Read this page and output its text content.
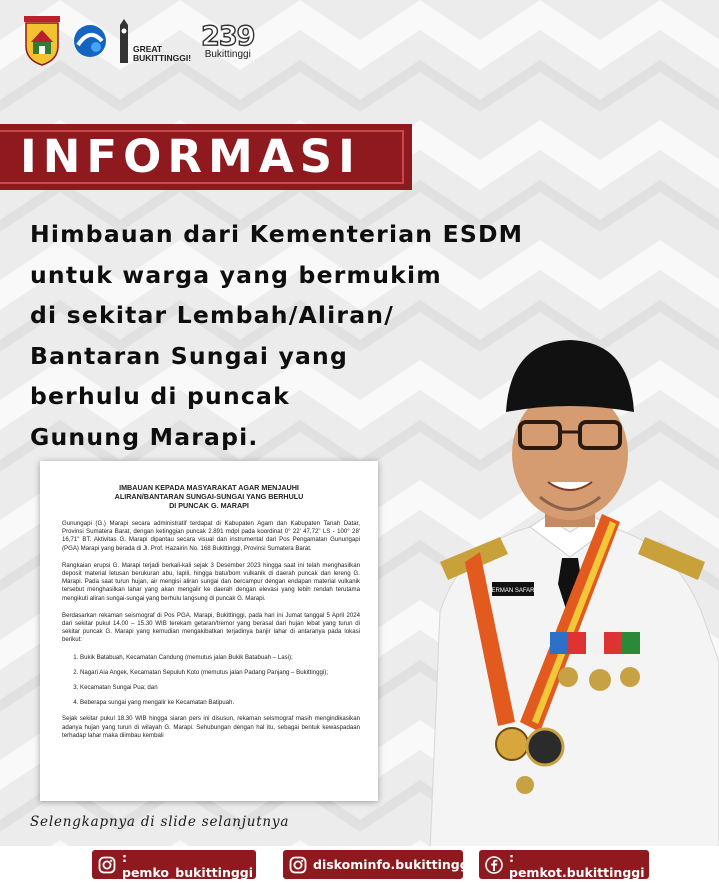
GREAT
BUKITTINGGI!
239
Bukittinggi
INFORMASI
Himbauan dari Kementerian ESDM
untuk warga yang bermukim
di sekitar Lembah/Aliran/
Bantaran Sungai yang
berhulu di puncak
Gunung Marapi.
IMBAUAN KEPADA MASYARAKAT AGAR MENJAUHI
ALIRAN/BANTARAN SUNGAI-SUNGAI YANG BERHULU
DI PUNCAK G. MARAPI

Gunungapi (G.) Marapi secara administratif terdapat di Kabupaten Agam dan Kabupaten Tanah Datar, Provinsi Sumatera Barat, dengan ketinggian puncak 2.891 mdpl pada koordinat 0° 22' 47,72" LS - 100° 28' 16,71" BT. Aktivitas G. Marapi dipantau secara visual dan instrumental dari Pos Pengamatan Gunungapi (PGA) Marapi yang berada di Jl. Prof. Hazairin No. 168 Bukittinggi, Provinsi Sumatera Barat.

Rangkaian erupsi G. Marapi terjadi berkali-kali sejak 3 Desember 2023 hingga saat ini telah menghasilkan deposit material letusan berukuran abu, lapili, hingga batu/bom vulkanik di daerah puncak dan lereng G. Marapi. Pada saat turun hujan, air mengisi aliran sungai dan bercampur dengan endapan material vulkanik tersebut menghasilkan lahar yang akan mengalir ke daerah dengan elevasi yang lebih rendah terutama mengikuti aliran sungai-sungai yang berhulu langsung di puncak G. Marapi.

Berdasarkan rekaman seismograf di Pos PGA. Marapi, Bukittinggi, pada hari ini Jumat tanggal 5 April 2024 dari sekitar pukul 14.00 – 15.30 WIB terekam getaran/tremor yang berasal dari hujan lebat yang turun di sekitar puncak G. Marapi yang kemudian mengakibatkan terjadinya banjir lahar di antaranya pada lokasi berikut:

1. Bukik Batabuah, Kecamatan Candung (memutus jalan Bukik Batabuah – Lasi);
2. Nagari Aia Angek, Kecamatan Sepuluh Koto (memutus jalan Padang Panjang – Bukittinggi);
3. Kecamatan Sungai Pua; dan
4. Beberapa sungai yang mengalir ke Kecamatan Batipuah.

Sejak sekitar pukul 18.30 WIB hingga siaran pers ini disusun, rekaman seismograf masih mengindikasikan adanya hujan yang turun di wilayah G. Marapi. Sehubungan dengan hal itu, sebagai bentuk kewaspadaan terhadap lahar maka diimbau kembali

ERMAN SAFAR
Selengkapnya di slide selanjutnya
: pemko_bukittinggi	diskominfo.bukittinggi	: pemkot.bukittinggi
